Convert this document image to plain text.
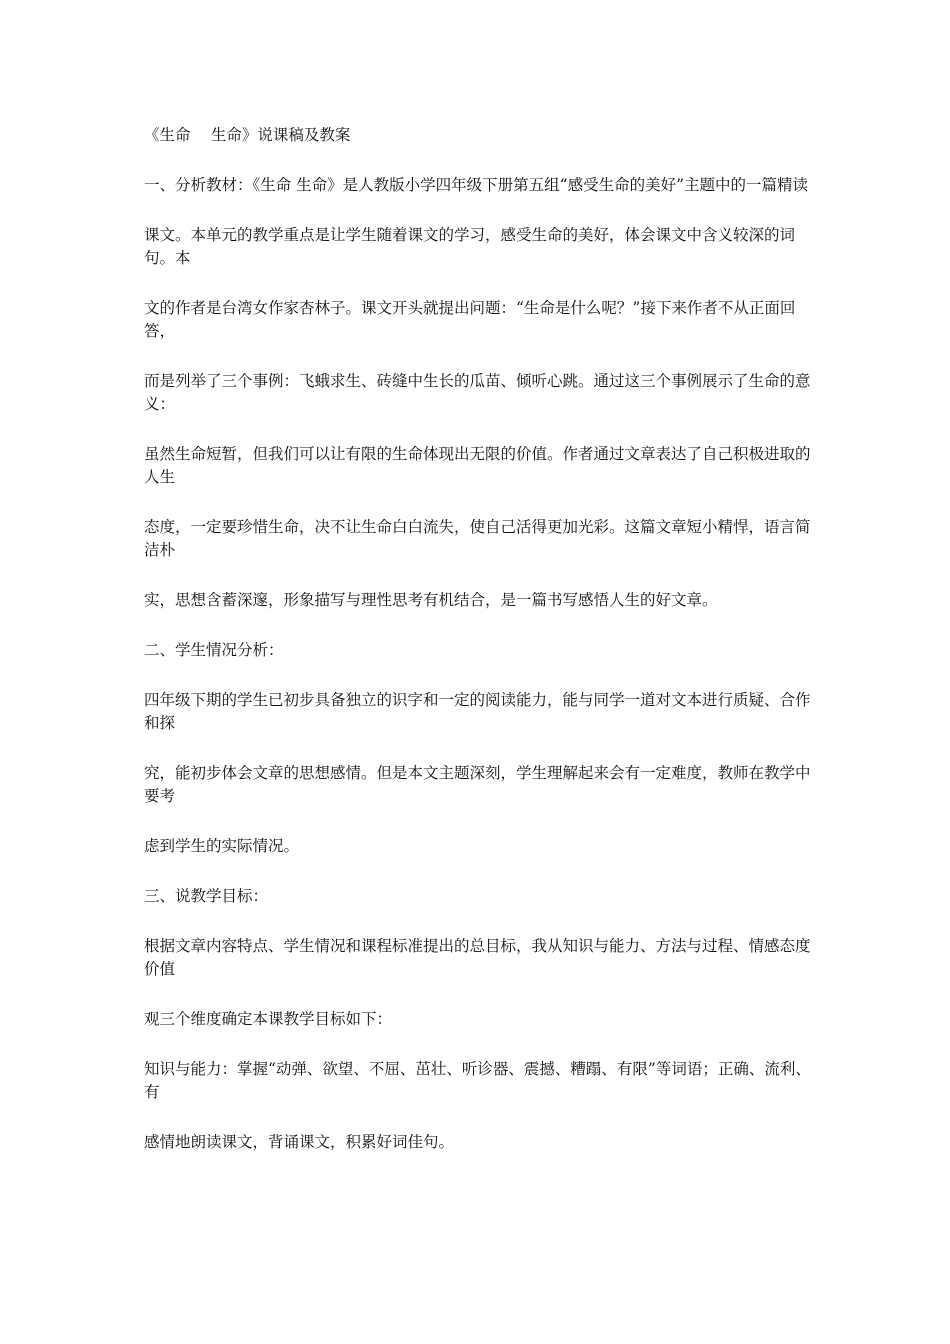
《生命　 生命》说课稿及教案

一、分析教材：《生命 生命》是人教版小学四年级下册第五组“感受生命的美好”主题中的一篇精读

课文。本单元的教学重点是让学生随着课文的学习，感受生命的美好，体会课文中含义较深的词句。本

文的作者是台湾女作家杏林子。课文开头就提出问题：“生命是什么呢？”接下来作者不从正面回答，

而是列举了三个事例：飞蛾求生、砖缝中生长的瓜苗、倾听心跳。通过这三个事例展示了生命的意义：

虽然生命短暂，但我们可以让有限的生命体现出无限的价值。作者通过文章表达了自己积极进取的人生

态度，一定要珍惜生命，决不让生命白白流失，使自己活得更加光彩。这篇文章短小精悍，语言简洁朴

实，思想含蓄深邃，形象描写与理性思考有机结合，是一篇书写感悟人生的好文章。

二、学生情况分析：

四年级下期的学生已初步具备独立的识字和一定的阅读能力，能与同学一道对文本进行质疑、合作和探

究，能初步体会文章的思想感情。但是本文主题深刻，学生理解起来会有一定难度，教师在教学中要考

虑到学生的实际情况。

三、说教学目标：

根据文章内容特点、学生情况和课程标准提出的总目标，我从知识与能力、方法与过程、情感态度价值

观三个维度确定本课教学目标如下：

知识与能力：掌握“动弹、欲望、不屈、茁壮、听诊器、震撼、糟蹋、有限”等词语；正确、流利、有

感情地朗读课文，背诵课文，积累好词佳句。
